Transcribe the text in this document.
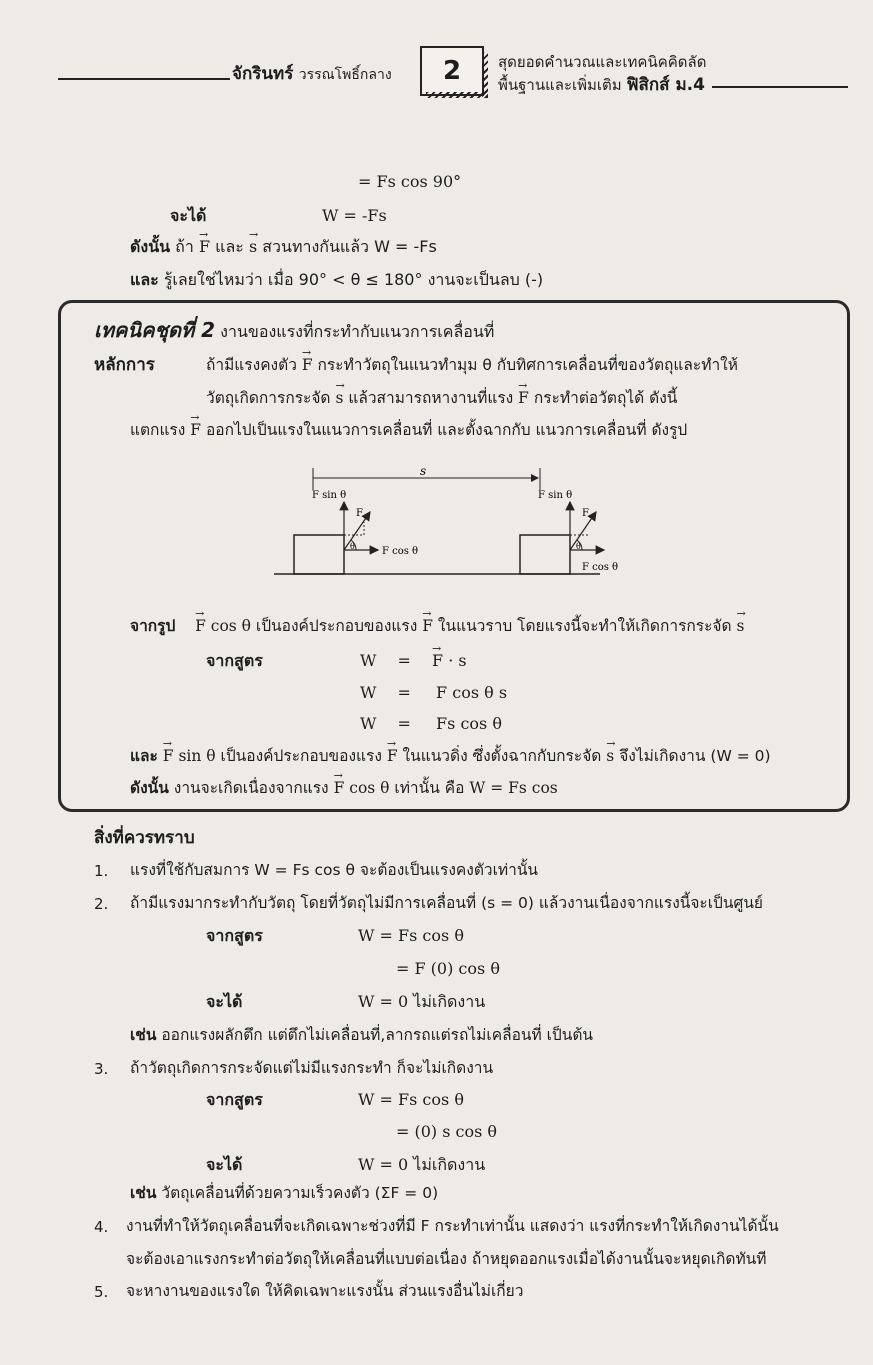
จักรินทร์ วรรณโพธิ์กลาง 2 สุดยอดคำนวณและเทคนิคคิดลัด
พื้นฐานและเพิ่มเติม ฟิสิกส์ ม.4
= Fs cos 90°
จะได้	W = -Fs
ดังนั้น ถ้า → F และ → s สวนทางกันแล้ว W = -Fs
และ รู้เลยใช่ไหมว่า เมื่อ 90° < θ ≤ 180° งานจะเป็นลบ (-)
เทคนิคชุดที่ 2 งานของแรงที่กระทำกับแนวการเคลื่อนที่
หลักการ	ถ้ามีแรงคงตัว → F กระทำวัตถุในแนวทำมุม θ กับทิศการเคลื่อนที่ของวัตถุและทำให้
วัตถุเกิดการกระจัด → s แล้วสามารถหางานที่แรง → F กระทำต่อวัตถุได้ ดังนี้
แตกแรง → F ออกไปเป็นแรงในแนวการเคลื่อนที่ และตั้งฉากกับ แนวการเคลื่อนที่ ดังรูป
s
F sin θ
F
F cos θ
θ
F sin θ
F
F cos θ
θ
จากรูป → F cos θ เป็นองค์ประกอบของแรง → F ในแนวราบ โดยแรงนี้จะทำให้เกิดการกระจัด → s
จากสูตร	W = → F · s
W = F cos θ s
W = Fs cos θ
และ → F sin θ เป็นองค์ประกอบของแรง → F ในแนวดิ่ง ซึ่งตั้งฉากกับกระจัด → s จึงไม่เกิดงาน (W = 0)
ดังนั้น งานจะเกิดเนื่องจากแรง → F cos θ เท่านั้น คือ W = Fs cos
สิ่งที่ควรทราบ
1. แรงที่ใช้กับสมการ W = Fs cos θ จะต้องเป็นแรงคงตัวเท่านั้น
2. ถ้ามีแรงมากระทำกับวัตถุ โดยที่วัตถุไม่มีการเคลื่อนที่ (s = 0) แล้วงานเนื่องจากแรงนี้จะเป็นศูนย์
จากสูตร	W = Fs cos θ
= F (0) cos θ
จะได้	W = 0 ไม่เกิดงาน
เช่น ออกแรงผลักตึก แต่ตึกไม่เคลื่อนที่,ลากรถแต่รถไม่เคลื่อนที่ เป็นต้น
3. ถ้าวัตถุเกิดการกระจัดแต่ไม่มีแรงกระทำ ก็จะไม่เกิดงาน
จากสูตร	W = Fs cos θ
= (0) s cos θ
จะได้	W = 0 ไม่เกิดงาน
เช่น วัตถุเคลื่อนที่ด้วยความเร็วคงตัว (ΣF = 0)
4. งานที่ทำให้วัตถุเคลื่อนที่จะเกิดเฉพาะช่วงที่มี F กระทำเท่านั้น แสดงว่า แรงที่กระทำให้เกิดงานได้นั้น
จะต้องเอาแรงกระทำต่อวัตถุให้เคลื่อนที่แบบต่อเนื่อง ถ้าหยุดออกแรงเมื่อได้งานนั้นจะหยุดเกิดทันที
5. จะหางานของแรงใด ให้คิดเฉพาะแรงนั้น ส่วนแรงอื่นไม่เกี่ยว
